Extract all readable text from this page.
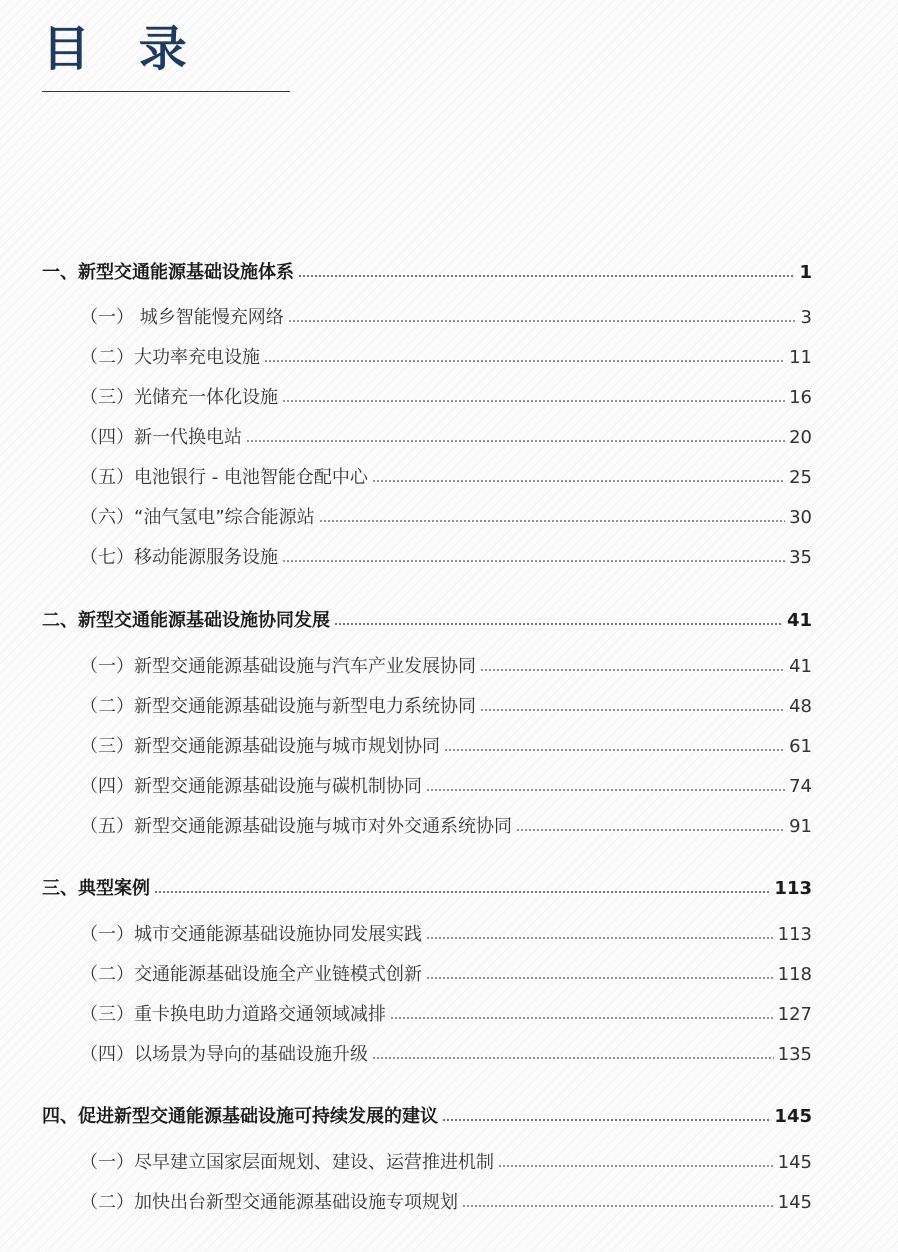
目 录
一、新型交通能源基础设施体系	1
（一） 城乡智能慢充网络	3
（二）大功率充电设施	11
（三）光储充一体化设施	16
（四）新一代换电站	20
（五）电池银行 - 电池智能仓配中心	25
（六）“油气氢电”综合能源站	30
（七）移动能源服务设施	35
二、新型交通能源基础设施协同发展	41
（一）新型交通能源基础设施与汽车产业发展协同	41
（二）新型交通能源基础设施与新型电力系统协同	48
（三）新型交通能源基础设施与城市规划协同	61
（四）新型交通能源基础设施与碳机制协同	74
（五）新型交通能源基础设施与城市对外交通系统协同	91
三、典型案例	113
（一）城市交通能源基础设施协同发展实践	113
（二）交通能源基础设施全产业链模式创新	118
（三）重卡换电助力道路交通领域减排	127
（四）以场景为导向的基础设施升级	135
四、促进新型交通能源基础设施可持续发展的建议	145
（一）尽早建立国家层面规划、建设、运营推进机制	145
（二）加快出台新型交通能源基础设施专项规划	145
